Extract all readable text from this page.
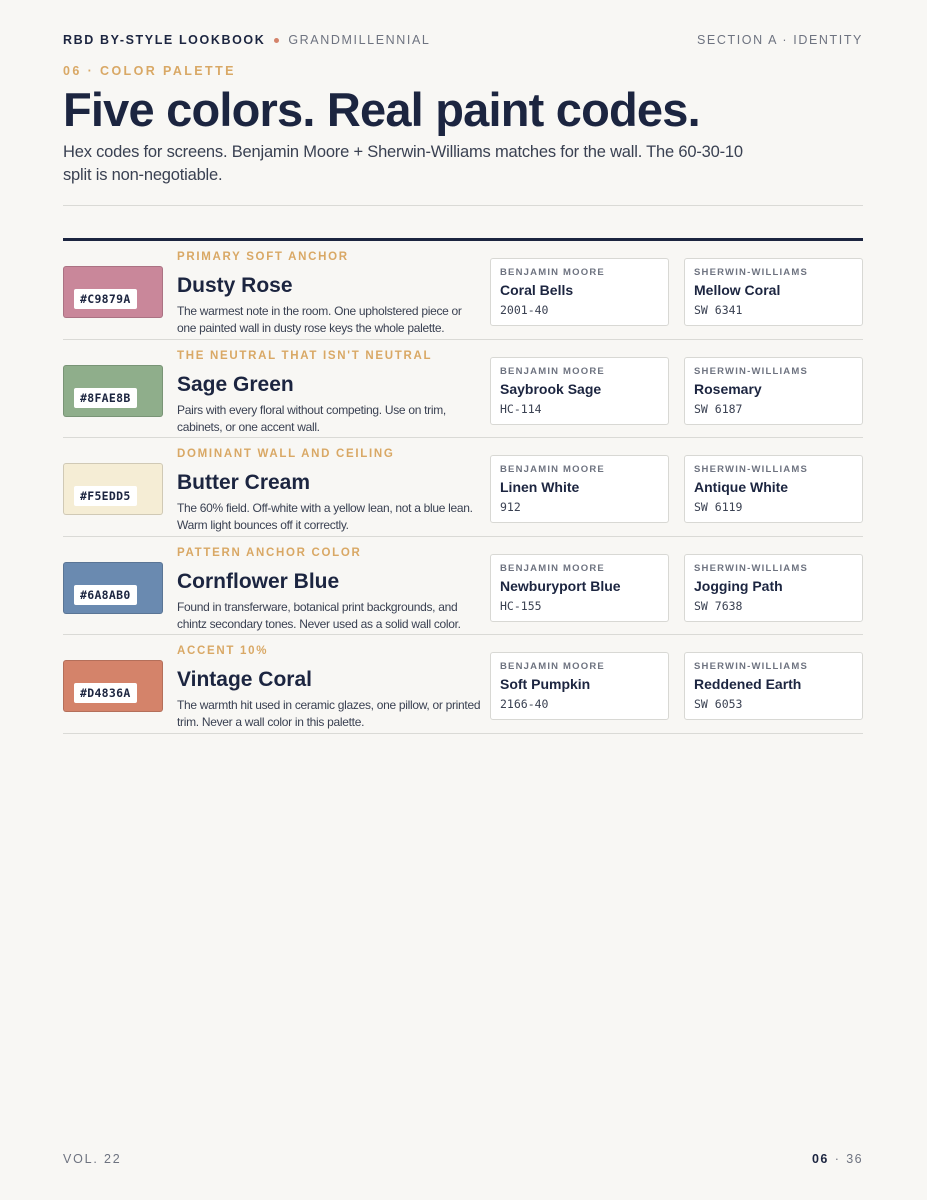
RBD BY-STYLE LOOKBOOK GRANDMILLENNIAL	SECTION A · IDENTITY
06 · COLOR PALETTE
Five colors. Real paint codes.

Hex codes for screens. Benjamin Moore + Sherwin-Williams matches for the wall. The 60-30-10 split is non-negotiable.

#C9879A
PRIMARY SOFT ANCHOR
Dusty Rose
The warmest note in the room. One upholstered piece or one painted wall in dusty rose keys the whole palette.
BENJAMIN MOORE
Coral Bells
2001-40
SHERWIN-WILLIAMS
Mellow Coral
SW 6341
#8FAE8B
THE NEUTRAL THAT ISN'T NEUTRAL
Sage Green
Pairs with every floral without competing. Use on trim, cabinets, or one accent wall.
BENJAMIN MOORE
Saybrook Sage
HC-114
SHERWIN-WILLIAMS
Rosemary
SW 6187
#F5EDD5
DOMINANT WALL AND CEILING
Butter Cream
The 60% field. Off-white with a yellow lean, not a blue lean. Warm light bounces off it correctly.
BENJAMIN MOORE
Linen White
912
SHERWIN-WILLIAMS
Antique White
SW 6119
#6A8AB0
PATTERN ANCHOR COLOR
Cornflower Blue
Found in transferware, botanical print backgrounds, and chintz secondary tones. Never used as a solid wall color.
BENJAMIN MOORE
Newburyport Blue
HC-155
SHERWIN-WILLIAMS
Jogging Path
SW 7638
#D4836A
ACCENT 10%
Vintage Coral
The warmth hit used in ceramic glazes, one pillow, or printed trim. Never a wall color in this palette.
BENJAMIN MOORE
Soft Pumpkin
2166-40
SHERWIN-WILLIAMS
Reddened Earth
SW 6053
VOL. 22	06 · 36
